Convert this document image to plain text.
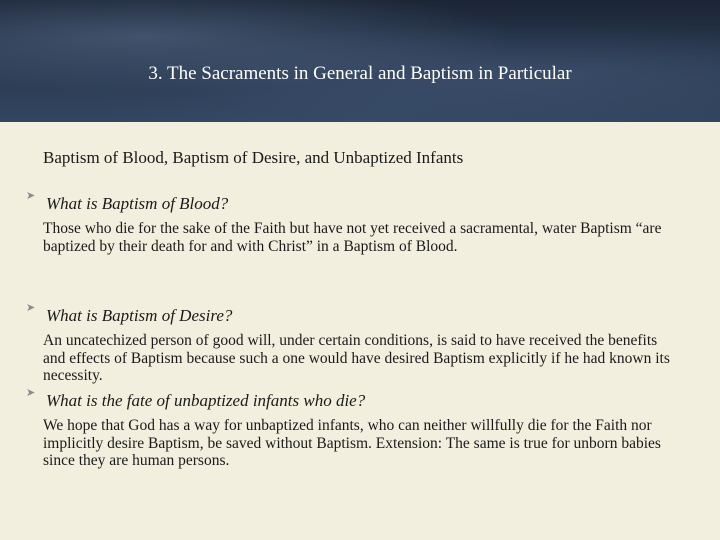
3. The Sacraments in General and Baptism in Particular
Baptism of Blood, Baptism of Desire, and Unbaptized Infants
➤ What is Baptism of Blood?
Those who die for the sake of the Faith but have not yet received a sacramental, water Baptism “are baptized by their death for and with Christ” in a Baptism of Blood.
➤ What is Baptism of Desire?
An uncatechized person of good will, under certain conditions, is said to have received the benefits and effects of Baptism because such a one would have desired Baptism explicitly if he had known its necessity.
➤ What is the fate of unbaptized infants who die?
We hope that God has a way for unbaptized infants, who can neither willfully die for the Faith nor implicitly desire Baptism, be saved without Baptism. Extension: The same is true for unborn babies since they are human persons.
